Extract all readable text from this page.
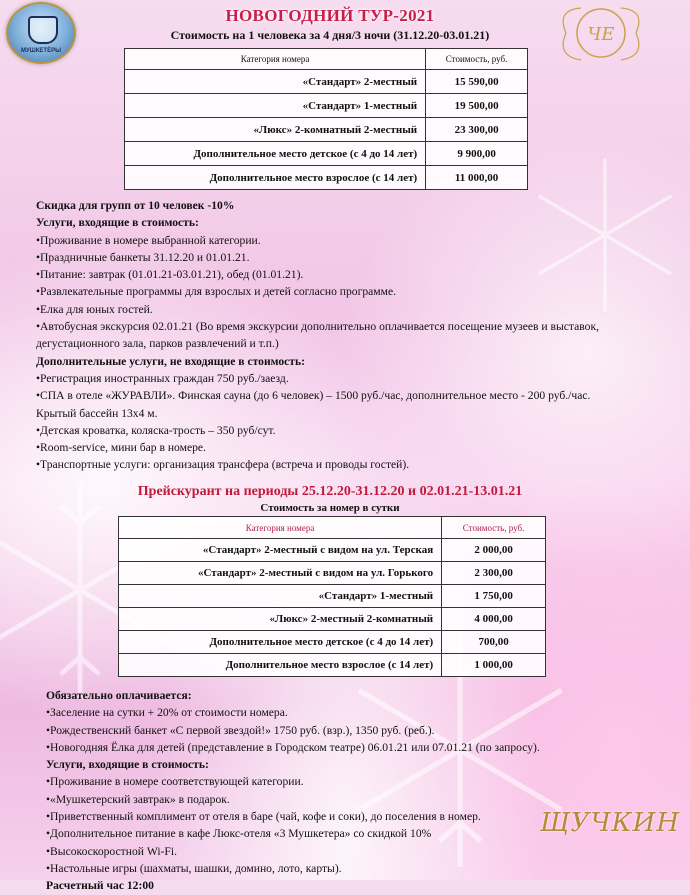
МУШКЕТЁРЫ
ЧЕ
НОВОГОДНИЙ ТУР-2021
Стоимость на 1 человека за 4 дня/3 ночи (31.12.20-03.01.21)
Категория номера	Стоимость, руб.
«Стандарт» 2-местный	15 590,00
«Стандарт» 1-местный	19 500,00
«Люкс» 2-комнатный 2-местный	23 300,00
Дополнительное место детское (с 4 до 14 лет)	9 900,00
Дополнительное место взрослое (с 14 лет)	11 000,00
Скидка для групп от 10 человек -10%
Услуги, входящие в стоимость:
•Проживание в номере выбранной категории.
•Праздничные банкеты 31.12.20 и 01.01.21.
•Питание: завтрак (01.01.21-03.01.21), обед (01.01.21).
•Развлекательные программы для взрослых и детей согласно программе.
•Елка для юных гостей.
•Автобусная экскурсия 02.01.21 (Во время экскурсии дополнительно оплачивается посещение музеев и выставок, дегустационного зала, парков развлечений и т.п.)
Дополнительные услуги, не входящие в стоимость:
•Регистрация иностранных граждан 750 руб./заезд.
•СПА в отеле «ЖУРАВЛИ». Финская сауна (до 6 человек) – 1500 руб./час, дополнительное место - 200 руб./час. Крытый бассейн 13х4 м.
•Детская кроватка, коляска-трость – 350 руб/сут.
•Room-service, мини бар в номере.
•Транспортные услуги: организация трансфера (встреча и проводы гостей).
Прейскурант на периоды 25.12.20-31.12.20 и 02.01.21-13.01.21
Стоимость за номер в сутки
Категория номера	Стоимость, руб.
«Стандарт» 2-местный с видом на ул. Терская	2 000,00
«Стандарт» 2-местный с видом на ул. Горького	2 300,00
«Стандарт» 1-местный	1 750,00
«Люкс» 2-местный 2-комнатный	4 000,00
Дополнительное место детское (с 4 до 14 лет)	700,00
Дополнительное место взрослое (с 14 лет)	1 000,00
Обязательно оплачивается:
•Заселение на сутки + 20% от стоимости номера.
•Рождественский банкет «С первой звездой!» 1750 руб. (взр.), 1350 руб. (реб.).
•Новогодняя Ёлка для детей (представление в Городском театре) 06.01.21 или 07.01.21 (по запросу).
Услуги, входящие в стоимость:
•Проживание в номере соответствующей категории.
•«Мушкетерский завтрак» в подарок.
•Приветственный комплимент от отеля в баре (чай, кофе и соки), до поселения в номер.
•Дополнительное питание в кафе Люкс-отеля «3 Мушкетера» со скидкой 10%
•Высокоскоростной Wi-Fi.
•Настольные игры (шахматы, шашки, домино, лото, карты).
Расчетный час 12:00
ЩУЧКИН
